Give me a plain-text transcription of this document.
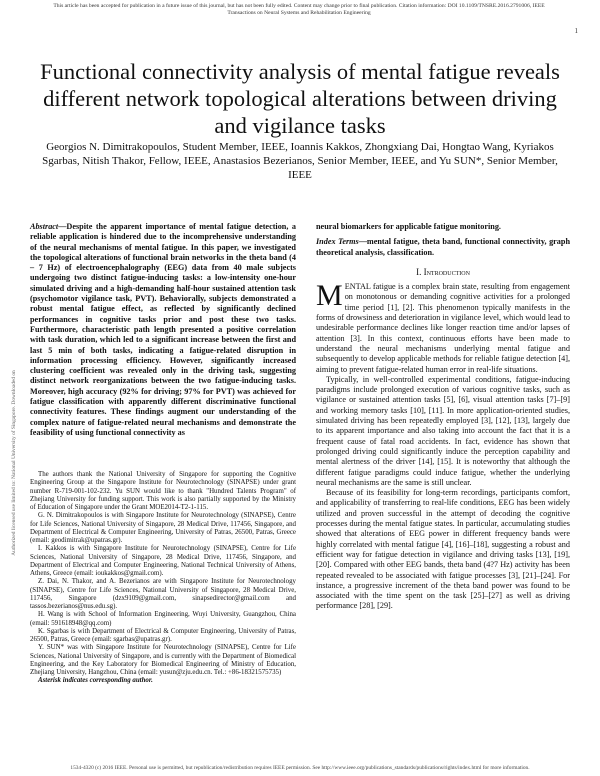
This article has been accepted for publication in a future issue of this journal, but has not been fully edited. Content may change prior to final publication. Citation information: DOI 10.1109/TNSRE.2016.2791006, IEEE
Transactions on Neural Systems and Rehabilitation Engineering
1
Functional connectivity analysis of mental fatigue reveals different network topological alterations between driving and vigilance tasks
Georgios N. Dimitrakopoulos, Student Member, IEEE, Ioannis Kakkos, Zhongxiang Dai, Hongtao Wang, Kyriakos Sgarbas, Nitish Thakor, Fellow, IEEE, Anastasios Bezerianos, Senior Member, IEEE, and Yu SUN*, Senior Member, IEEE
Abstract—Despite the apparent importance of mental fatigue detection, a reliable application is hindered due to the incomprehensive understanding of the neural mechanisms of mental fatigue. In this paper, we investigated the topological alterations of functional brain networks in the theta band (4 – 7 Hz) of electroencephalography (EEG) data from 40 male subjects undergoing two distinct fatigue-inducing tasks: a low-intensity one-hour simulated driving and a high-demanding half-hour sustained attention task (psychomotor vigilance task, PVT). Behaviorally, subjects demonstrated a robust mental fatigue effect, as reflected by significantly declined performances in cognitive tasks prior and post these two tasks. Furthermore, characteristic path length presented a positive correlation with task duration, which led to a significant increase between the first and last 5 min of both tasks, indicating a fatigue-related disruption in information processing efficiency. However, significantly increased clustering coefficient was revealed only in the driving task, suggesting distinct network reorganizations between the two fatigue-inducing tasks. Moreover, high accuracy (92% for driving; 97% for PVT) was achieved for fatigue classification with apparently different discriminative functional connectivity features. These findings augment our understanding of the complex nature of fatigue-related neural mechanisms and demonstrate the feasibility of using functional connectivity as

The authors thank the National University of Singapore for supporting the Cognitive Engineering Group at the Singapore Institute for Neurotechnology (SINAPSE) under grant number R-719-001-102-232. Yu SUN would like to thank "Hundred Talents Program" of Zhejiang University for funding support. This work is also partially supported by the Ministry of Education of Singapore under the Grant MOE2014-T2-1-115.

G. N. Dimitrakopoulos is with Singapore Institute for Neurotechnology (SINAPSE), Centre for Life Sciences, National University of Singapore, 28 Medical Drive, 117456, Singapore, and Department of Electrical & Computer Engineering, University of Patras, 26500, Patras, Greece (email: geodimitrak@upatras.gr).

I. Kakkos is with Singapore Institute for Neurotechnology (SINAPSE), Centre for Life Sciences, National University of Singapore, 28 Medical Drive, 117456, Singapore, and Department of Electrical and Computer Engineering, National Technical University of Athens, Athens, Greece (email: ioukakkos@gmail.com).

Z. Dai, N. Thakor, and A. Bezerianos are with Singapore Institute for Neurotechnology (SINAPSE), Centre for Life Sciences, National University of Singapore, 28 Medical Drive, 117456, Singapore (dzx9109@gmail.com, sinapsedirector@gmail.com and tassos.bezerianos@nus.edu.sg).

H. Wang is with School of Information Engineering, Wuyi University, Guangzhou, China (email: 591618948@qq.com)

K. Sgarbas is with Department of Electrical & Computer Engineering, University of Patras, 26500, Patras, Greece (email: sgarbas@upatras.gr).

Y. SUN* was with Singapore Institute for Neurotechnology (SINAPSE), Centre for Life Sciences, National University of Singapore, and is currently with the Department of Biomedical Engineering, and the Key Laboratory for Biomedical Engineering of Ministry of Education, Zhejiang University, Hangzhou, China (email: yusun@zju.edu.cn. Tel.: +86-18321575735)

Asterisk indicates corresponding author.

neural biomarkers for applicable fatigue monitoring.
Index Terms—mental fatigue, theta band, functional connectivity, graph theoretical analysis, classification.
I. Introduction

MENTAL fatigue is a complex brain state, resulting from engagement on monotonous or demanding cognitive activities for a prolonged time period [1], [2]. This phenomenon typically manifests in the forms of drowsiness and deterioration in vigilance level, which would lead to undesirable performance declines like longer reaction time and/or lapses of attention [3]. In this context, continuous efforts have been made to understand the neural mechanisms underlying mental fatigue and subsequently to develop applicable methods for reliable fatigue detection [4], aiming to prevent fatigue-related human error in real-life situations.

Typically, in well-controlled experimental conditions, fatigue-inducing paradigms include prolonged execution of various cognitive tasks, such as vigilance or sustained attention tasks [5], [6], visual attention tasks [7]–[9] and working memory tasks [10], [11]. In more application-oriented studies, simulated driving has been repeatedly employed [3], [12], [13], largely due to its apparent importance and also taking into account the fact that it is a frequent cause of fatal road accidents. In fact, evidence has shown that prolonged driving could significantly induce the perception capability and mental alertness of the driver [14], [15]. It is noteworthy that although the different fatigue paradigms could induce fatigue, whether the underlying neural mechanisms are the same is still unclear.

Because of its feasibility for long-term recordings, participants comfort, and applicability of transferring to real-life conditions, EEG has been widely utilized and proven successful in the attempt of decoding the cognitive processes during the mental fatigue states. In particular, accumulating studies showed that alterations of EEG power in different frequency bands were highly correlated with mental fatigue [4], [16]–[18], suggesting a robust and efficient way for fatigue detection in vigilance and driving tasks [13], [19], [20]. Compared with other EEG bands, theta band (4?7 Hz) activity has been repeated revealed to be associated with fatigue processes [3], [21]–[24]. For instance, a progressive increment of the theta band power was found to be associated with the time spent on the task [25]–[27] as well as driving performance [28], [29].

Authorized licensed use limited to: National University of Singapore. Downloaded on
1534-4320 (c) 2016 IEEE. Personal use is permitted, but republication/redistribution requires IEEE permission. See http://www.ieee.org/publications_standards/publications/rights/index.html for more information.
